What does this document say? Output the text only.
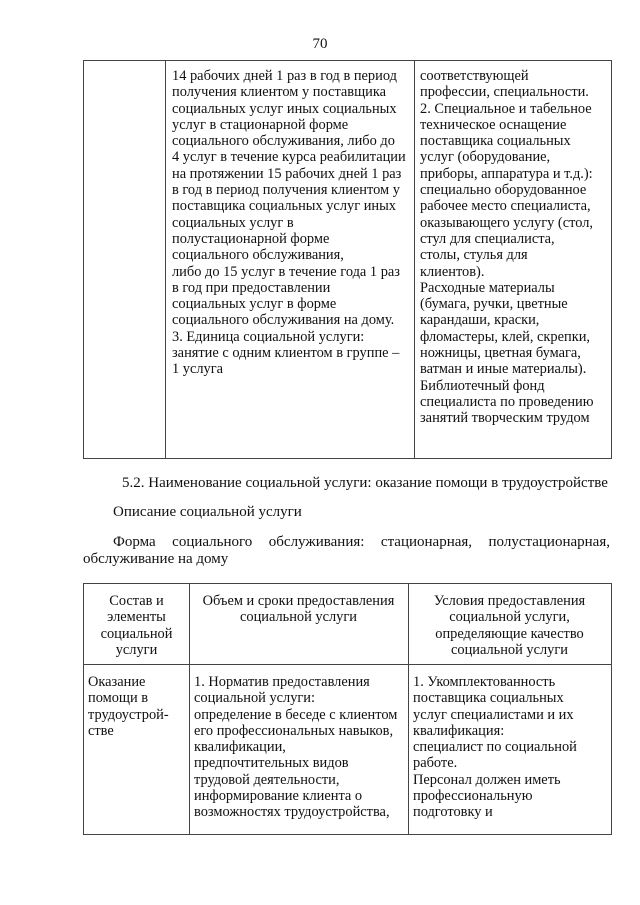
70
14 рабочих дней 1 раз в год в период
получения клиентом у поставщика
социальных услуг иных социальных
услуг в стационарной форме
социального обслуживания, либо до
4 услуг в течение курса реабилитации
на протяжении 15 рабочих дней 1 раз
в год в период получения клиентом у
поставщика социальных услуг иных
социальных услуг в
полустационарной форме
социального обслуживания,
либо до 15 услуг в течение года 1 раз
в год при предоставлении
социальных услуг в форме
социального обслуживания на дому.
3. Единица социальной услуги:
занятие с одним клиентом в группе –
1 услуга
соответствующей
профессии, специальности.
2. Специальное и табельное
техническое оснащение
поставщика социальных
услуг (оборудование,
приборы, аппаратура и т.д.):
специально оборудованное
рабочее место специалиста,
оказывающего услугу (стол,
стул для специалиста,
столы, стулья для
клиентов).
Расходные материалы
(бумага, ручки, цветные
карандаши, краски,
фломастеры, клей, скрепки,
ножницы, цветная бумага,
ватман и иные материалы).
Библиотечный фонд
специалиста по проведению
занятий творческим трудом
5.2. Наименование социальной услуги: оказание помощи в трудоустройстве
Описание социальной услуги
Форма социального обслуживания: стационарная, полустационарная,
обслуживание на дому
Состав и
элементы
социальной
услуги
Объем и сроки предоставления
социальной услуги
Условия предоставления
социальной услуги,
определяющие качество
социальной услуги
Оказание
помощи в
трудоустрой-
стве
1. Норматив предоставления
социальной услуги:
определение в беседе с клиентом
его профессиональных навыков,
квалификации,
предпочтительных видов
трудовой деятельности,
информирование клиента о
возможностях трудоустройства,
1. Укомплектованность
поставщика социальных
услуг специалистами и их
квалификация:
специалист по социальной
работе.
Персонал должен иметь
профессиональную
подготовку и
